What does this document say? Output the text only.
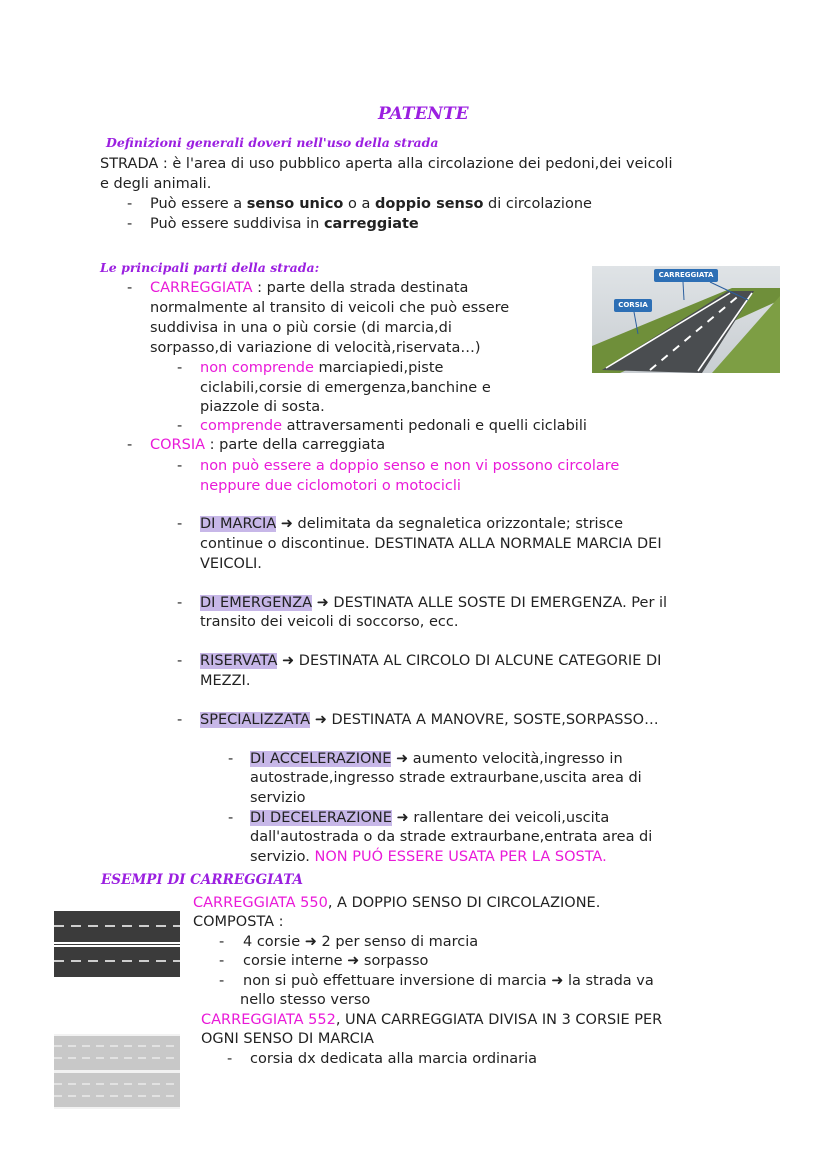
PATENTE
Definizioni generali doveri nell'uso della strada
STRADA : è l'area di uso pubblico aperta alla circolazione dei pedoni,dei veicoli
e degli animali.
- Può essere a senso unico o a doppio senso di circolazione
- Può essere suddivisa in carreggiate
Le principali parti della strada:	CARREGGIATA
CORSIA
- CARREGGIATA : parte della strada destinata
normalmente al transito di veicoli che può essere
suddivisa in una o più corsie (di marcia,di
sorpasso,di variazione di velocità,riservata…)
- non comprende marciapiedi,piste
ciclabili,corsie di emergenza,banchine e
piazzole di sosta.
- comprende attraversamenti pedonali e quelli ciclabili
- CORSIA : parte della carreggiata
- non può essere a doppio senso e non vi possono circolare
neppure due ciclomotori o motocicli
- DI MARCIA ➜ delimitata da segnaletica orizzontale; strisce
continue o discontinue. DESTINATA ALLA NORMALE MARCIA DEI
VEICOLI.
- DI EMERGENZA ➜ DESTINATA ALLE SOSTE DI EMERGENZA. Per il
transito dei veicoli di soccorso, ecc.
- RISERVATA ➜ DESTINATA AL CIRCOLO DI ALCUNE CATEGORIE DI
MEZZI.
- SPECIALIZZATA ➜ DESTINATA A MANOVRE, SOSTE,SORPASSO…
- DI ACCELERAZIONE ➜ aumento velocità,ingresso in
autostrade,ingresso strade extraurbane,uscita area di
servizio
- DI DECELERAZIONE ➜ rallentare dei veicoli,uscita
dall'autostrada o da strade extraurbane,entrata area di
servizio. NON PUÓ ESSERE USATA PER LA SOSTA.
ESEMPI DI CARREGGIATA
CARREGGIATA 550, A DOPPIO SENSO DI CIRCOLAZIONE.
COMPOSTA :
- 4 corsie ➜ 2 per senso di marcia
- corsie interne ➜ sorpasso
- non si può effettuare inversione di marcia ➜ la strada va
nello stesso verso
CARREGGIATA 552, UNA CARREGGIATA DIVISA IN 3 CORSIE PER
OGNI SENSO DI MARCIA
- corsia dx dedicata alla marcia ordinaria
